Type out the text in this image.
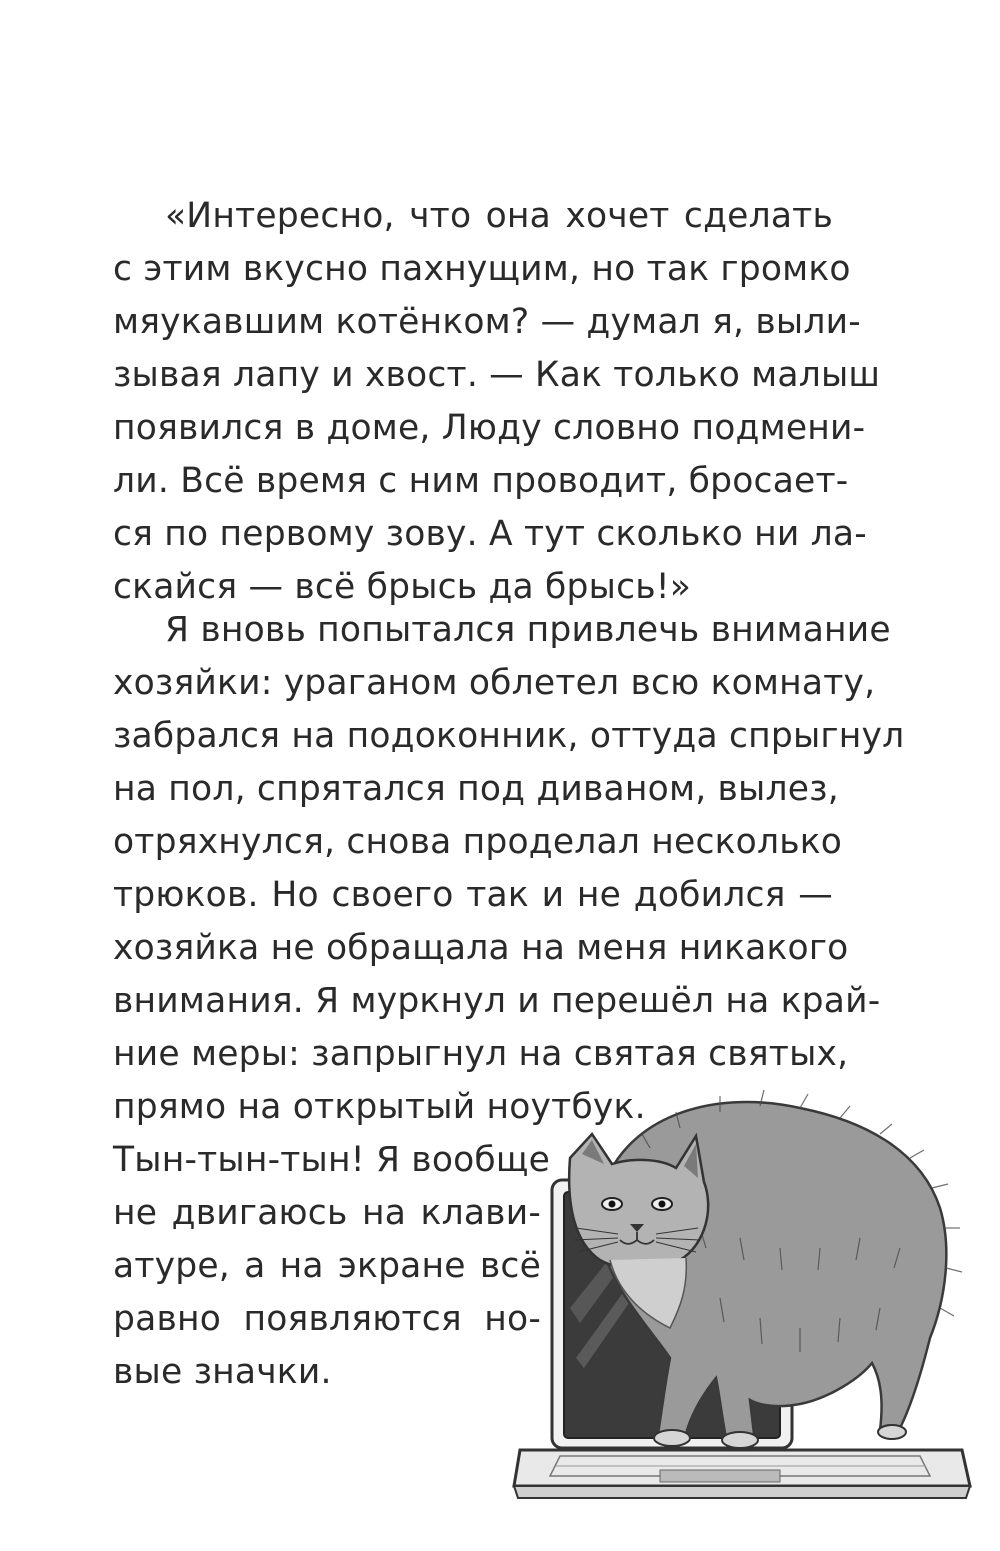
«Интересно, что она хочет сделать
с этим вкусно пахнущим, но так громко
мяукавшим котёнком? — думал я, выли-
зывая лапу и хвост. — Как только малыш
появился в доме, Люду словно подмени-
ли. Всё время с ним проводит, бросает-
ся по первому зову. А тут сколько ни ла-
скайся — всё брысь да брысь!»
Я вновь попытался привлечь внимание
хозяйки: ураганом облетел всю комнату,
забрался на подоконник, оттуда спрыгнул
на пол, спрятался под диваном, вылез,
отряхнулся, снова проделал несколько
трюков. Но своего так и не добился —
хозяйка не обращала на меня никакого
внимания. Я муркнул и перешёл на край-
ние меры: запрыгнул на святая святых,
прямо на открытый ноутбук.
Тын-тын-тын! Я вообще
не двигаюсь на клави-
атуре, а на экране всё
равно появляются но-
вые значки.
